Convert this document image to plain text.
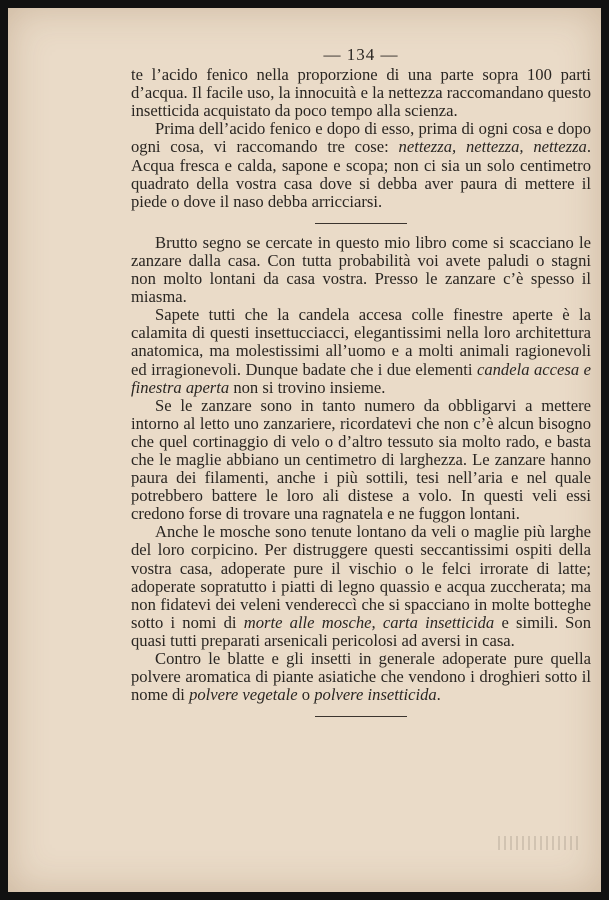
— 134 —

te l’acido fenico nella proporzione di una parte sopra 100 parti d’acqua. Il facile uso, la innocuità e la nettezza raccomandano questo insetticida acquistato da poco tempo alla scienza.

Prima dell’acido fenico e dopo di esso, prima di ogni cosa e dopo ogni cosa, vi raccomando tre cose: nettezza, nettezza, nettezza. Acqua fresca e calda, sapone e scopa; non ci sia un solo centimetro quadrato della vostra casa dove si debba aver paura di mettere il piede o dove il naso debba arricciarsi.

Brutto segno se cercate in questo mio libro come si scacciano le zanzare dalla casa. Con tutta probabilità voi avete paludi o stagni non molto lontani da casa vostra. Presso le zanzare c’è spesso il miasma.

Sapete tutti che la candela accesa colle finestre aperte è la calamita di questi insettucciacci, elegantissimi nella loro architettura anatomica, ma molestissimi all’uomo e a molti animali ragionevoli ed irragionevoli. Dunque badate che i due elementi candela accesa e finestra aperta non si trovino insieme.

Se le zanzare sono in tanto numero da obbligarvi a mettere intorno al letto uno zanzariere, ricordatevi che non c’è alcun bisogno che quel cortinaggio di velo o d’altro tessuto sia molto rado, e basta che le maglie abbiano un centimetro di larghezza. Le zanzare hanno paura dei filamenti, anche i più sottili, tesi nell’aria e nel quale potrebbero battere le loro ali distese a volo. In questi veli essi credono forse di trovare una ragnatela e ne fuggon lontani.

Anche le mosche sono tenute lontano da veli o maglie più larghe del loro corpicino. Per distruggere questi seccantissimi ospiti della vostra casa, adoperate pure il vischio o le felci irrorate di latte; adoperate sopratutto i piatti di legno quassio e acqua zuccherata; ma non fidatevi dei veleni vendereccì che si spacciano in molte botteghe sotto i nomi di morte alle mosche, carta insetticida e simili. Son quasi tutti preparati arsenicali pericolosi ad aversi in casa.

Contro le blatte e gli insetti in generale adoperate pure quella polvere aromatica di piante asiatiche che vendono i droghieri sotto il nome di polvere vegetale o polvere insetticida.
